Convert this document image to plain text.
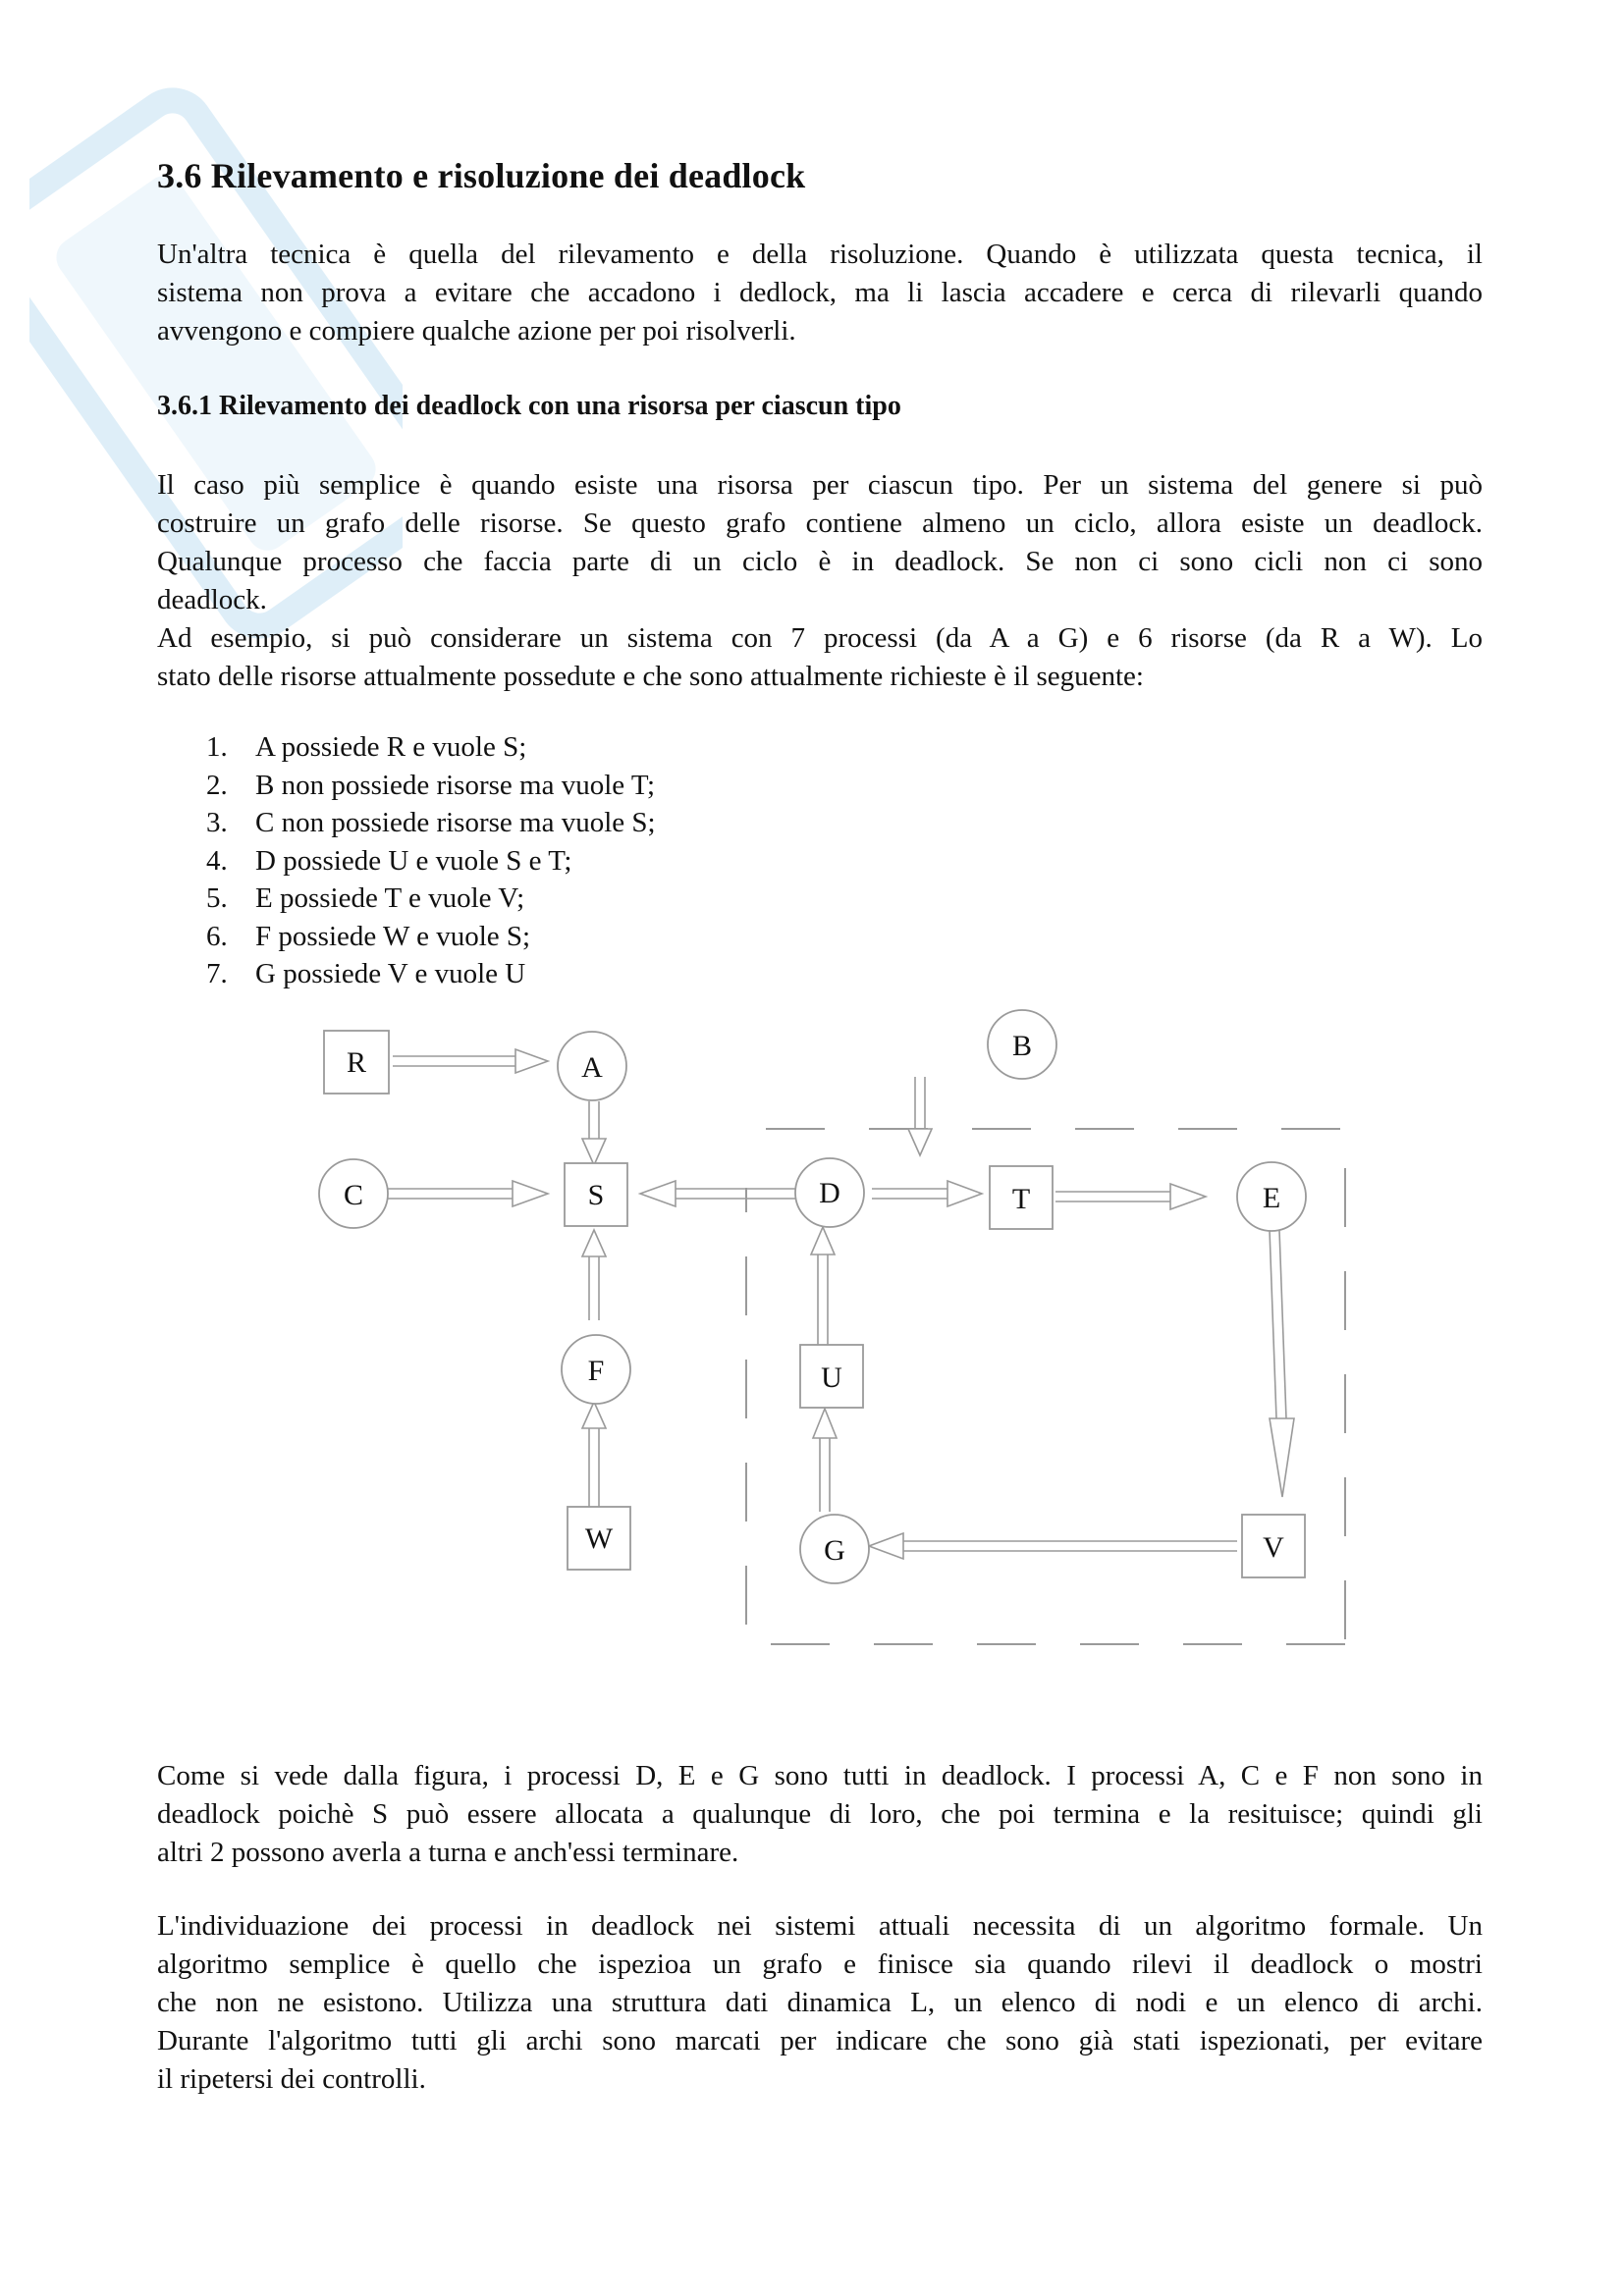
3.6 Rilevamento e risoluzione dei deadlock

Un'altra tecnica è quella del rilevamento e della risoluzione. Quando è utilizzata questa tecnica, il
sistema non prova a evitare che accadono i dedlock, ma li lascia accadere e cerca di rilevarli quando
avvengono e compiere qualche azione per poi risolverli.

3.6.1 Rilevamento dei deadlock con una risorsa per ciascun tipo

Il caso più semplice è quando esiste una risorsa per ciascun tipo. Per un sistema del genere si può
costruire un grafo delle risorse. Se questo grafo contiene almeno un ciclo, allora esiste un deadlock.
Qualunque processo che faccia parte di un ciclo è in deadlock. Se non ci sono cicli non ci sono
deadlock.
Ad esempio, si può considerare un sistema con 7 processi (da A a G) e 6 risorse (da R a W). Lo
stato delle risorse attualmente possedute e che sono attualmente richieste è il seguente:

1. A possiede R e vuole S;
2. B non possiede risorse ma vuole T;
3. C non possiede risorse ma vuole S;
4. D possiede U e vuole S e T;
5. E possiede T e vuole V;
6. F possiede W e vuole S;
7. G possiede V e vuole U

Come si vede dalla figura, i processi D, E e G sono tutti in deadlock. I processi A, C e F non sono in
deadlock poichè S può essere allocata a qualunque di loro, che poi termina e la resituisce; quindi gli
altri 2 possono averla a turna e anch'essi terminare.

L'individuazione dei processi in deadlock nei sistemi attuali necessita di un algoritmo formale. Un
algoritmo semplice è quello che ispezioa un grafo e finisce sia quando rilevi il deadlock o mostri
che non ne esistono. Utilizza una struttura dati dinamica L, un elenco di nodi e un elenco di archi.
Durante l'algoritmo tutti gli archi sono marcati per indicare che sono già stati ispezionati, per evitare
il ripetersi dei controlli.

R
S	T
U
V
W
A
B
C	D	E
F
G
